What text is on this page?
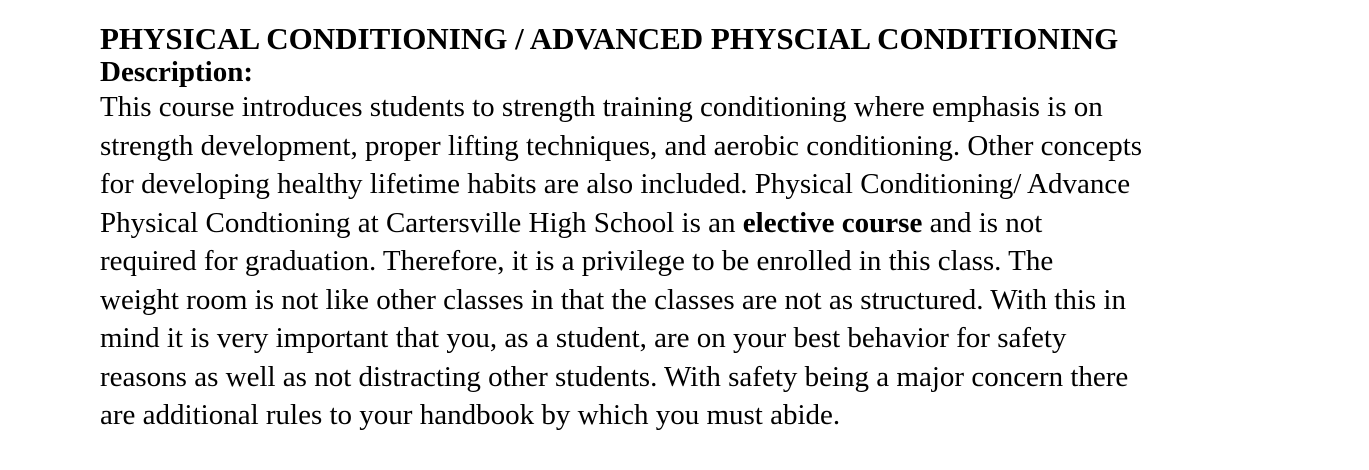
PHYSICAL CONDITIONING / ADVANCED PHYSCIAL CONDITIONING
Description:
This course introduces students to strength training conditioning where emphasis is on
strength development, proper lifting techniques, and aerobic conditioning. Other concepts
for developing healthy lifetime habits are also included. Physical Conditioning/ Advance
Physical Condtioning at Cartersville High School is an elective course and is not
required for graduation. Therefore, it is a privilege to be enrolled in this class. The
weight room is not like other classes in that the classes are not as structured. With this in
mind it is very important that you, as a student, are on your best behavior for safety
reasons as well as not distracting other students. With safety being a major concern there
are additional rules to your handbook by which you must abide.
